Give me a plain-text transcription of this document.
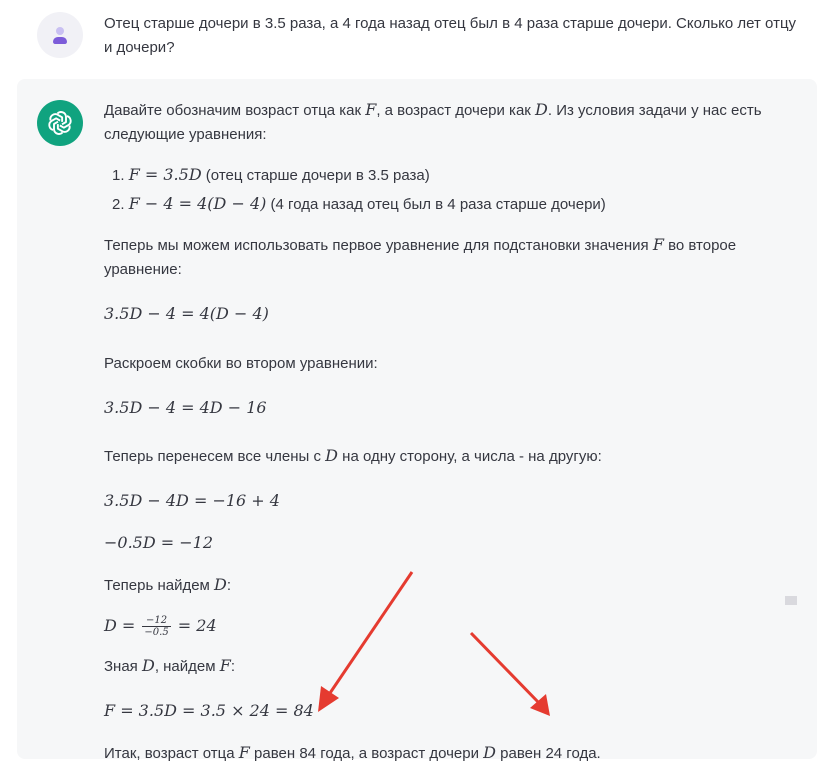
Отец старше дочери в 3.5 раза, а 4 года назад отец был в 4 раза старше дочери. Сколько лет отцу и дочери?

Давайте обозначим возраст отца как F, а возраст дочери как D. Из условия задачи у нас есть следующие уравнения:

1. F = 3.5D (отец старше дочери в 3.5 раза)
2. F − 4 = 4(D − 4) (4 года назад отец был в 4 раза старше дочери)

Теперь мы можем использовать первое уравнение для подстановки значения F во второе уравнение:

3.5D − 4 = 4(D − 4)

Раскроем скобки во втором уравнении:

3.5D − 4 = 4D − 16

Теперь перенесем все члены с D на одну сторону, а числа - на другую:

3.5D − 4D = −16 + 4

−0.5D = −12

Теперь найдем D:

$D = \frac{-12}{-0.5} = 24$

Зная D, найдем F:

F = 3.5D = 3.5 × 24 = 84

Итак, возраст отца F равен 84 года, а возраст дочери D равен 24 года.
